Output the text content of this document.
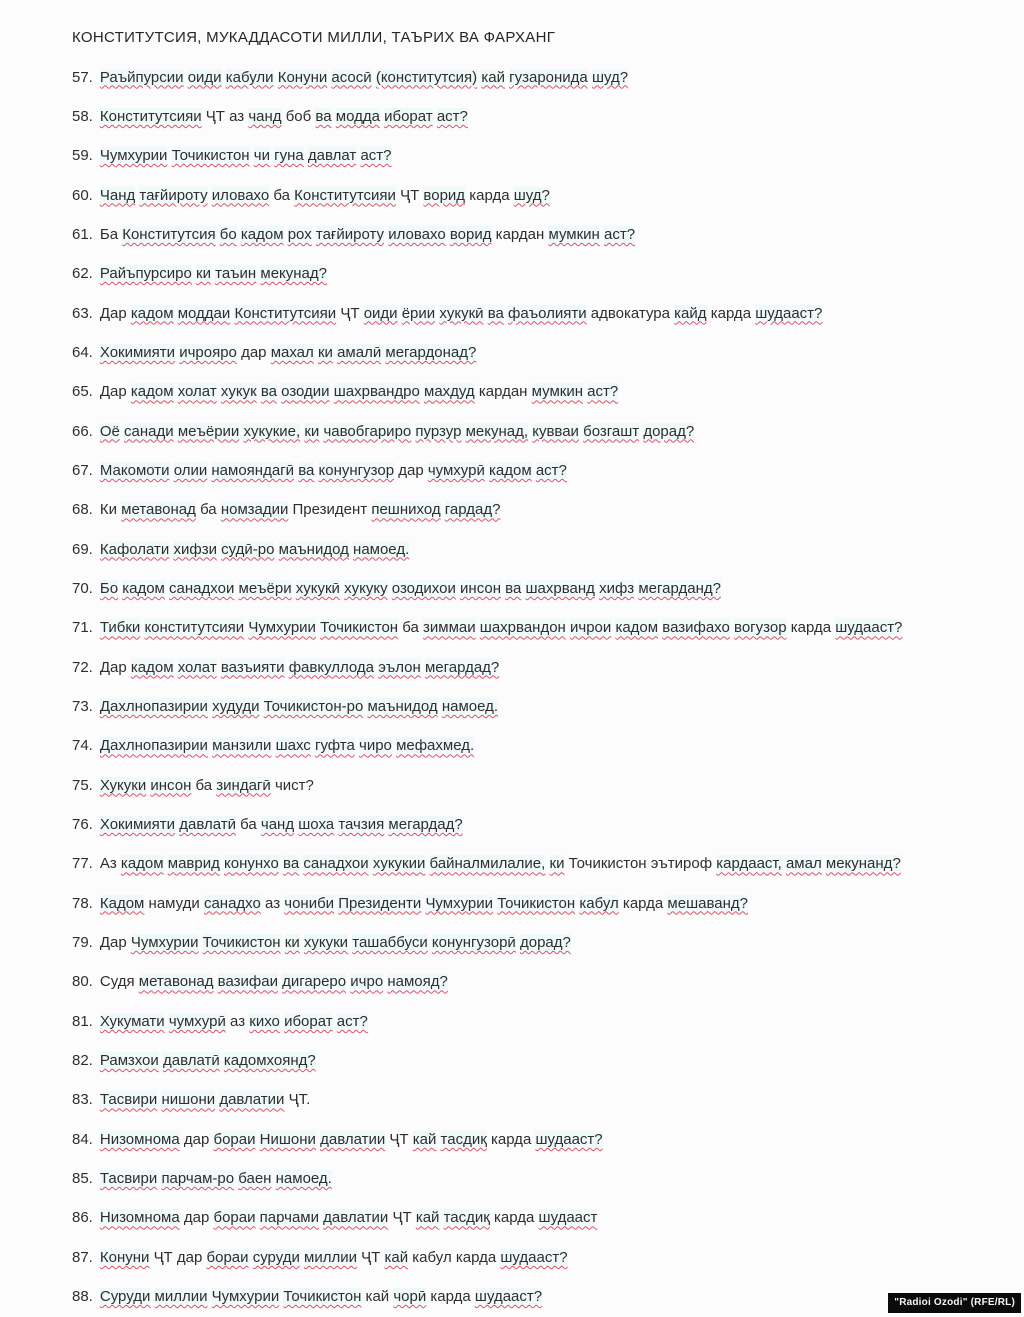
КОНСТИТУТСИЯ, МУКАДДАСОТИ МИЛЛИ, ТАЪРИХ ВА ФАРХАНГ
57. Раъйпурсии оиди кабули Конуни асосӣ (конститутсия) кай гузаронида шуд?
58. Конститутсияи ҶТ аз чанд боб ва модда иборат аст?
59. Чумхурии Точикистон чи гуна давлат аст?
60. Чанд тағйироту иловахо ба Конститутсияи ҶТ ворид карда шуд?
61. Ба Конститутсия бо кадом рох тағйироту иловахо ворид кардан мумкин аст?
62. Райъпурсиро ки таъин мекунад?
63. Дар кадом моддаи Конститутсияи ҶТ оиди ёрии хукукӣ ва фаъолияти адвокатура кайд карда шудааст?
64. Хокимияти ичрояро дар махал ки амалӣ мегардонад?
65. Дар кадом холат хукук ва озодии шахрвандро махдуд кардан мумкин аст?
66. Оё санади меъёрии хукукие, ки чавобгариро пурзур мекунад, кувваи бозгашт дорад?
67. Макомоти олии намояндагӣ ва конунгузор дар чумхурӣ кадом аст?
68. Ки метавонад ба номзадии Президент пешниход гардад?
69. Кафолати хифзи судӣ-ро маънидод намоед.
70. Бо кадом санадхои меъёри хукукӣ хукуку озодихои инсон ва шахрванд хифз мегарданд?
71. Тибки конститутсияи Чумхурии Точикистон ба зиммаи шахрвандон ичрои кадом вазифахо вогузор карда шудааст?
72. Дар кадом холат вазъияти фавкуллода эълон мегардад?
73. Дахлнопазирии худуди Точикистон-ро маънидод намоед.
74. Дахлнопазирии манзили шахс гуфта чиро мефахмед.
75. Хукуки инсон ба зиндагӣ чист?
76. Хокимияти давлатӣ ба чанд шоха тачзия мегардад?
77. Аз кадом маврид конунхо ва санадхои хукукии байналмилалие, ки Точикистон эътироф кардааст, амал мекунанд?
78. Кадом намуди санадхо аз чониби Президенти Чумхурии Точикистон кабул карда мешаванд?
79. Дар Чумхурии Точикистон ки хукуки ташаббуси конунгузорӣ дорад?
80. Судя метавонад вазифаи дигареро ичро намояд?
81. Хукумати чумхурӣ аз кихо иборат аст?
82. Рамзхои давлатӣ кадомхоянд?
83. Тасвири нишони давлатии ҶТ.
84. Низомнома дар бораи Нишони давлатии ҶТ кай тасдиқ карда шудааст?
85. Тасвири парчам-ро баен намоед.
86. Низомнома дар бораи парчами давлатии ҶТ кай тасдиқ карда шудааст
87. Конуни ҶТ дар бораи суруди миллии ҶТ кай кабул карда шудааст?
88. Суруди миллии Чумхурии Точикистон кай чорӣ карда шудааст?	"Radioi Ozodi" (RFE/RL)
